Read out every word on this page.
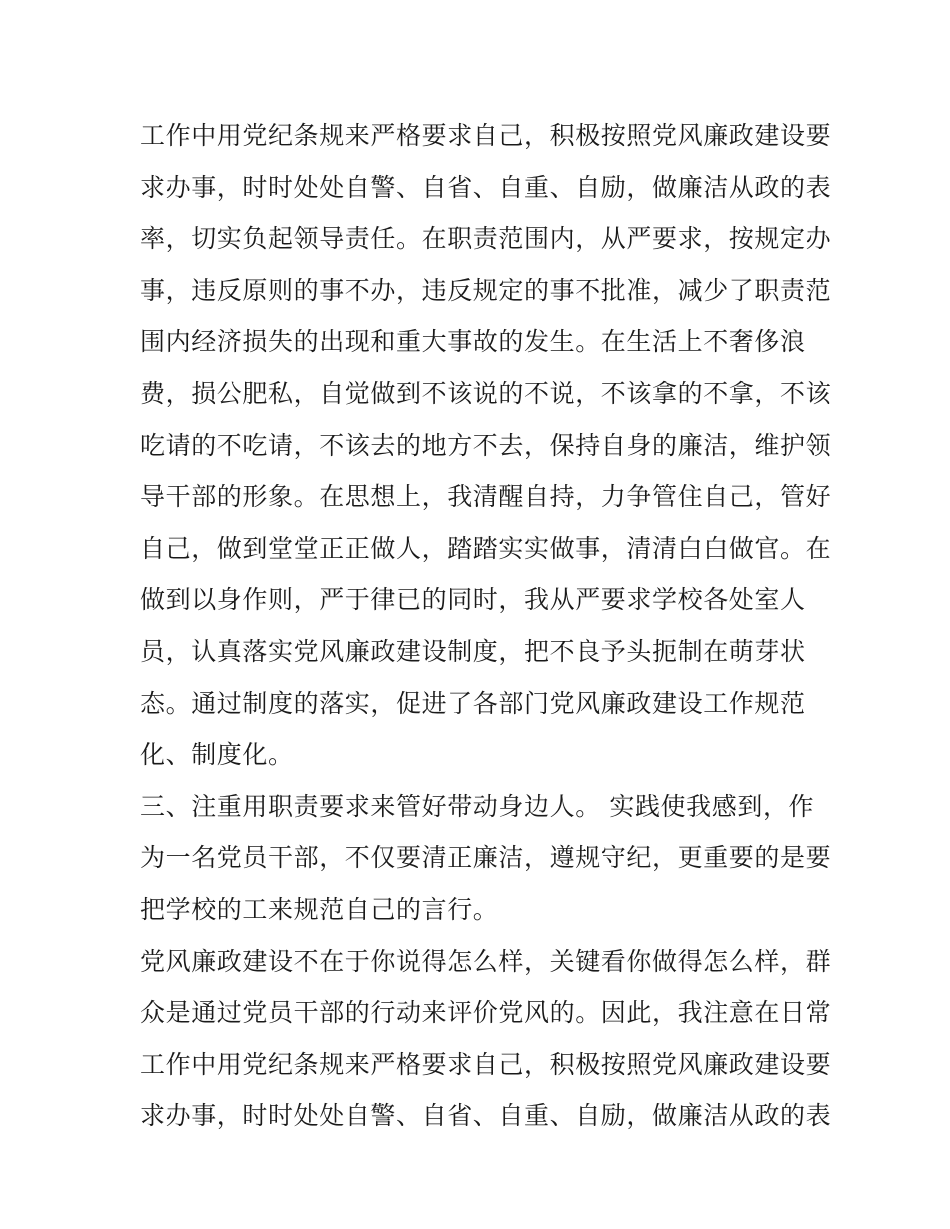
工作中用党纪条规来严格要求自己，积极按照党风廉政建设要
求办事，时时处处自警、自省、自重、自励，做廉洁从政的表
率，切实负起领导责任。在职责范围内，从严要求，按规定办
事，违反原则的事不办，违反规定的事不批准，减少了职责范
围内经济损失的出现和重大事故的发生。在生活上不奢侈浪
费，损公肥私，自觉做到不该说的不说，不该拿的不拿，不该
吃请的不吃请，不该去的地方不去，保持自身的廉洁，维护领
导干部的形象。在思想上，我清醒自持，力争管住自己，管好
自己，做到堂堂正正做人，踏踏实实做事，清清白白做官。在
做到以身作则，严于律已的同时，我从严要求学校各处室人
员，认真落实党风廉政建设制度，把不良予头扼制在萌芽状
态。通过制度的落实，促进了各部门党风廉政建设工作规范
化、制度化。
三、注重用职责要求来管好带动身边人。 实践使我感到，作
为一名党员干部，不仅要清正廉洁，遵规守纪，更重要的是要
把学校的工来规范自己的言行。
党风廉政建设不在于你说得怎么样，关键看你做得怎么样，群
众是通过党员干部的行动来评价党风的。因此，我注意在日常
工作中用党纪条规来严格要求自己，积极按照党风廉政建设要
求办事，时时处处自警、自省、自重、自励，做廉洁从政的表
